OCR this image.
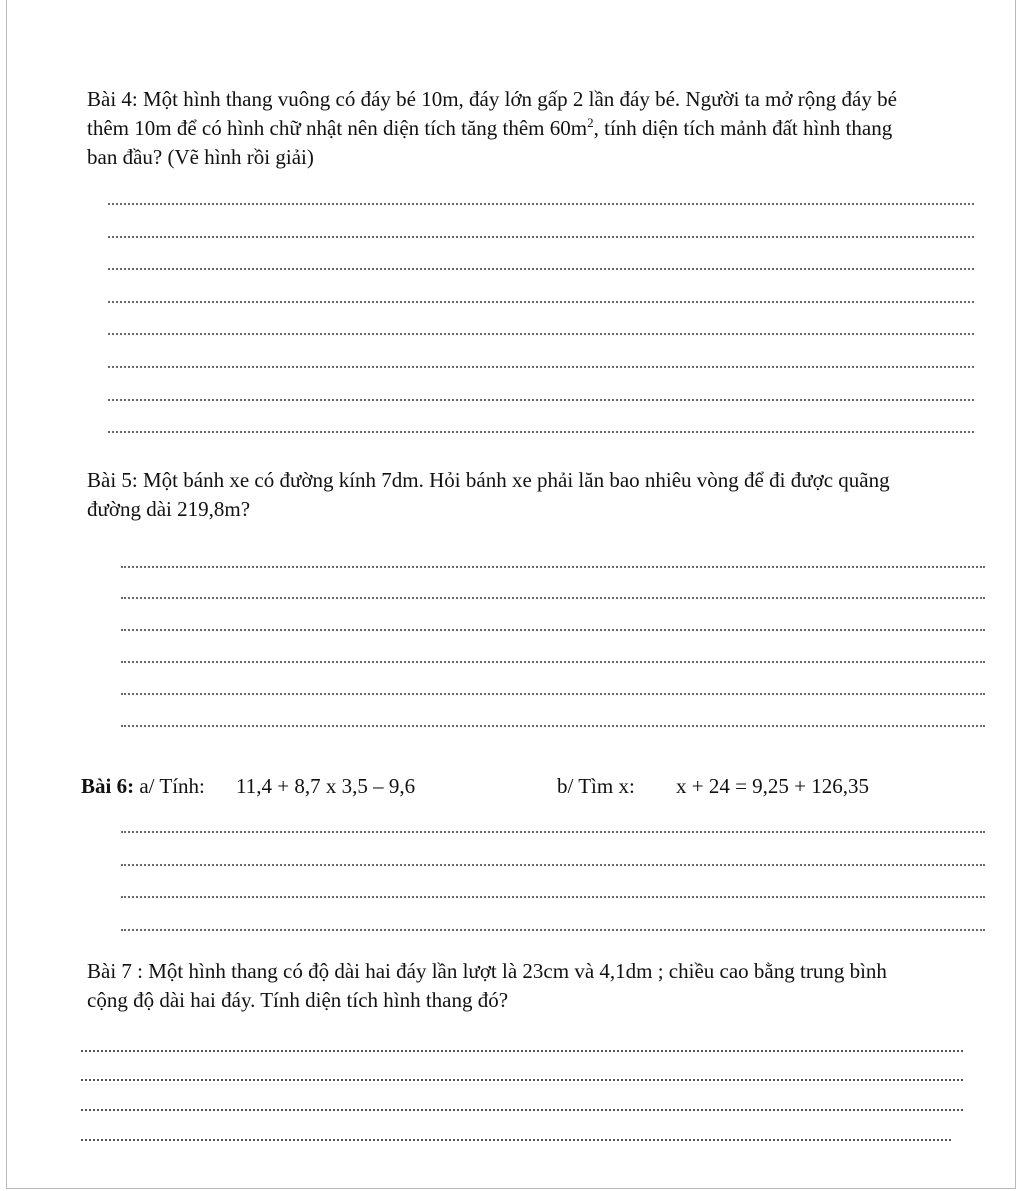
Bài 4: Một hình thang vuông có đáy bé 10m, đáy lớn gấp 2 lần đáy bé. Người ta mở rộng đáy bé
thêm 10m để có hình chữ nhật nên diện tích tăng thêm $60m^2$, tính diện tích mảnh đất hình thang
ban đầu? (Vẽ hình rồi giải)
Bài 5: Một bánh xe có đường kính 7dm. Hỏi bánh xe phải lăn bao nhiêu vòng để đi được quãng
đường dài 219,8m?
Bài 6: a/ Tính: 11,4 + 8,7 x 3,5 – 9,6	b/ Tìm x: x + 24 = 9,25 + 126,35
Bài 7 : Một hình thang có độ dài hai đáy lần lượt là 23cm và 4,1dm ; chiều cao bằng trung bình
cộng độ dài hai đáy. Tính diện tích hình thang đó?
